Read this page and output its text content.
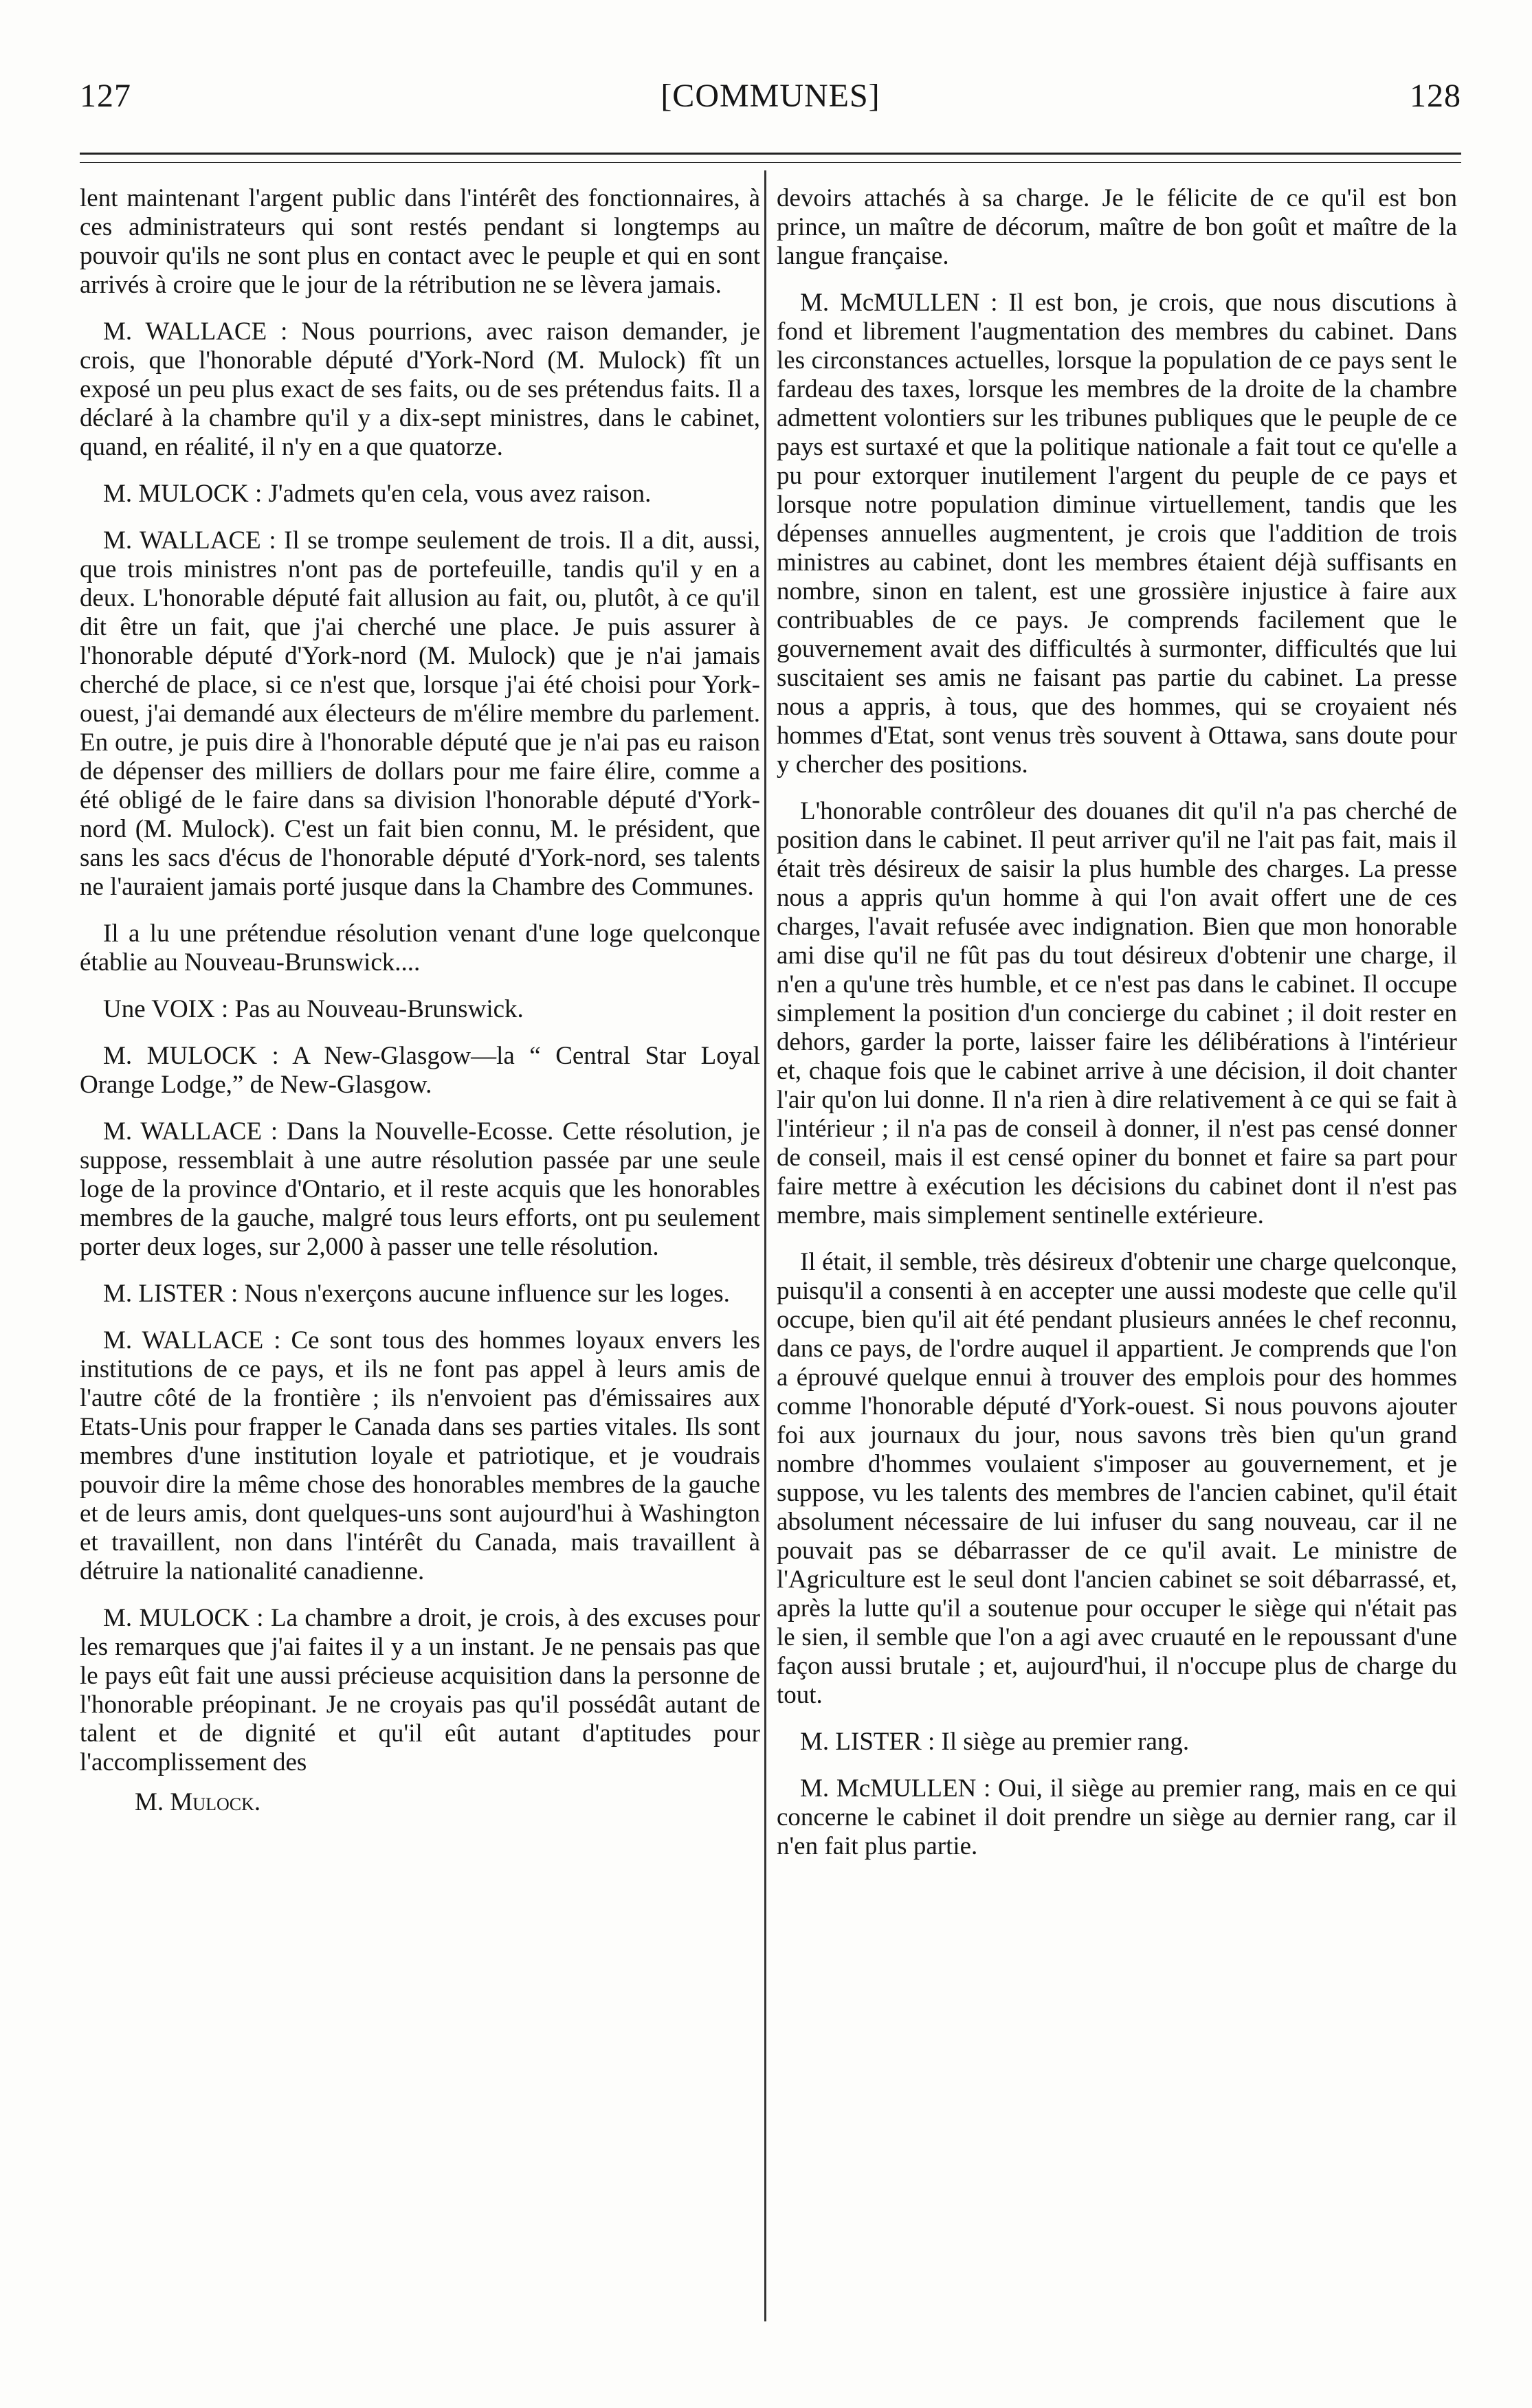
127	[COMMUNES]	128

lent maintenant l'argent public dans l'intérêt des fonctionnaires, à ces administrateurs qui sont restés pendant si longtemps au pouvoir qu'ils ne sont plus en contact avec le peuple et qui en sont arrivés à croire que le jour de la rétribution ne se lèvera jamais.

M. WALLACE : Nous pourrions, avec raison demander, je crois, que l'honorable député d'York-Nord (M. Mulock) fît un exposé un peu plus exact de ses faits, ou de ses prétendus faits. Il a déclaré à la chambre qu'il y a dix-sept ministres, dans le cabinet, quand, en réalité, il n'y en a que quatorze.

M. MULOCK : J'admets qu'en cela, vous avez raison.

M. WALLACE : Il se trompe seulement de trois. Il a dit, aussi, que trois ministres n'ont pas de portefeuille, tandis qu'il y en a deux. L'honorable député fait allusion au fait, ou, plutôt, à ce qu'il dit être un fait, que j'ai cherché une place. Je puis assurer à l'honorable député d'York-nord (M. Mulock) que je n'ai jamais cherché de place, si ce n'est que, lorsque j'ai été choisi pour York-ouest, j'ai demandé aux électeurs de m'élire membre du parlement. En outre, je puis dire à l'honorable député que je n'ai pas eu raison de dépenser des milliers de dollars pour me faire élire, comme a été obligé de le faire dans sa division l'honorable député d'York-nord (M. Mulock). C'est un fait bien connu, M. le président, que sans les sacs d'écus de l'honorable député d'York-nord, ses talents ne l'auraient jamais porté jusque dans la Chambre des Communes.

Il a lu une prétendue résolution venant d'une loge quelconque établie au Nouveau-Brunswick....

Une VOIX : Pas au Nouveau-Brunswick.

M. MULOCK : A New-Glasgow—la “ Central Star Loyal Orange Lodge,” de New-Glasgow.

M. WALLACE : Dans la Nouvelle-Ecosse. Cette résolution, je suppose, ressemblait à une autre résolution passée par une seule loge de la province d'Ontario, et il reste acquis que les honorables membres de la gauche, malgré tous leurs efforts, ont pu seulement porter deux loges, sur 2,000 à passer une telle résolution.

M. LISTER : Nous n'exerçons aucune influence sur les loges.

M. WALLACE : Ce sont tous des hommes loyaux envers les institutions de ce pays, et ils ne font pas appel à leurs amis de l'autre côté de la frontière ; ils n'envoient pas d'émissaires aux Etats-Unis pour frapper le Canada dans ses parties vitales. Ils sont membres d'une institution loyale et patriotique, et je voudrais pouvoir dire la même chose des honorables membres de la gauche et de leurs amis, dont quelques-uns sont aujourd'hui à Washington et travaillent, non dans l'intérêt du Canada, mais travaillent à détruire la nationalité canadienne.

M. MULOCK : La chambre a droit, je crois, à des excuses pour les remarques que j'ai faites il y a un instant. Je ne pensais pas que le pays eût fait une aussi précieuse acquisition dans la personne de l'honorable préopinant. Je ne croyais pas qu'il possédât autant de talent et de dignité et qu'il eût autant d'aptitudes pour l'accomplissement des

M. Mulock.

devoirs attachés à sa charge. Je le félicite de ce qu'il est bon prince, un maître de décorum, maître de bon goût et maître de la langue française.

M. McMULLEN : Il est bon, je crois, que nous discutions à fond et librement l'augmentation des membres du cabinet. Dans les circonstances actuelles, lorsque la population de ce pays sent le fardeau des taxes, lorsque les membres de la droite de la chambre admettent volontiers sur les tribunes publiques que le peuple de ce pays est surtaxé et que la politique nationale a fait tout ce qu'elle a pu pour extorquer inutilement l'argent du peuple de ce pays et lorsque notre population diminue virtuellement, tandis que les dépenses annuelles augmentent, je crois que l'addition de trois ministres au cabinet, dont les membres étaient déjà suffisants en nombre, sinon en talent, est une grossière injustice à faire aux contribuables de ce pays. Je comprends facilement que le gouvernement avait des difficultés à surmonter, difficultés que lui suscitaient ses amis ne faisant pas partie du cabinet. La presse nous a appris, à tous, que des hommes, qui se croyaient nés hommes d'Etat, sont venus très souvent à Ottawa, sans doute pour y chercher des positions.

L'honorable contrôleur des douanes dit qu'il n'a pas cherché de position dans le cabinet. Il peut arriver qu'il ne l'ait pas fait, mais il était très désireux de saisir la plus humble des charges. La presse nous a appris qu'un homme à qui l'on avait offert une de ces charges, l'avait refusée avec indignation. Bien que mon honorable ami dise qu'il ne fût pas du tout désireux d'obtenir une charge, il n'en a qu'une très humble, et ce n'est pas dans le cabinet. Il occupe simplement la position d'un concierge du cabinet ; il doit rester en dehors, garder la porte, laisser faire les délibérations à l'intérieur et, chaque fois que le cabinet arrive à une décision, il doit chanter l'air qu'on lui donne. Il n'a rien à dire relativement à ce qui se fait à l'intérieur ; il n'a pas de conseil à donner, il n'est pas censé donner de conseil, mais il est censé opiner du bonnet et faire sa part pour faire mettre à exécution les décisions du cabinet dont il n'est pas membre, mais simplement sentinelle extérieure.

Il était, il semble, très désireux d'obtenir une charge quelconque, puisqu'il a consenti à en accepter une aussi modeste que celle qu'il occupe, bien qu'il ait été pendant plusieurs années le chef reconnu, dans ce pays, de l'ordre auquel il appartient. Je comprends que l'on a éprouvé quelque ennui à trouver des emplois pour des hommes comme l'honorable député d'York-ouest. Si nous pouvons ajouter foi aux journaux du jour, nous savons très bien qu'un grand nombre d'hommes voulaient s'imposer au gouvernement, et je suppose, vu les talents des membres de l'ancien cabinet, qu'il était absolument nécessaire de lui infuser du sang nouveau, car il ne pouvait pas se débarrasser de ce qu'il avait. Le ministre de l'Agriculture est le seul dont l'ancien cabinet se soit débarrassé, et, après la lutte qu'il a soutenue pour occuper le siège qui n'était pas le sien, il semble que l'on a agi avec cruauté en le repoussant d'une façon aussi brutale ; et, aujourd'hui, il n'occupe plus de charge du tout.

M. LISTER : Il siège au premier rang.

M. McMULLEN : Oui, il siège au premier rang, mais en ce qui concerne le cabinet il doit prendre un siège au dernier rang, car il n'en fait plus partie.
